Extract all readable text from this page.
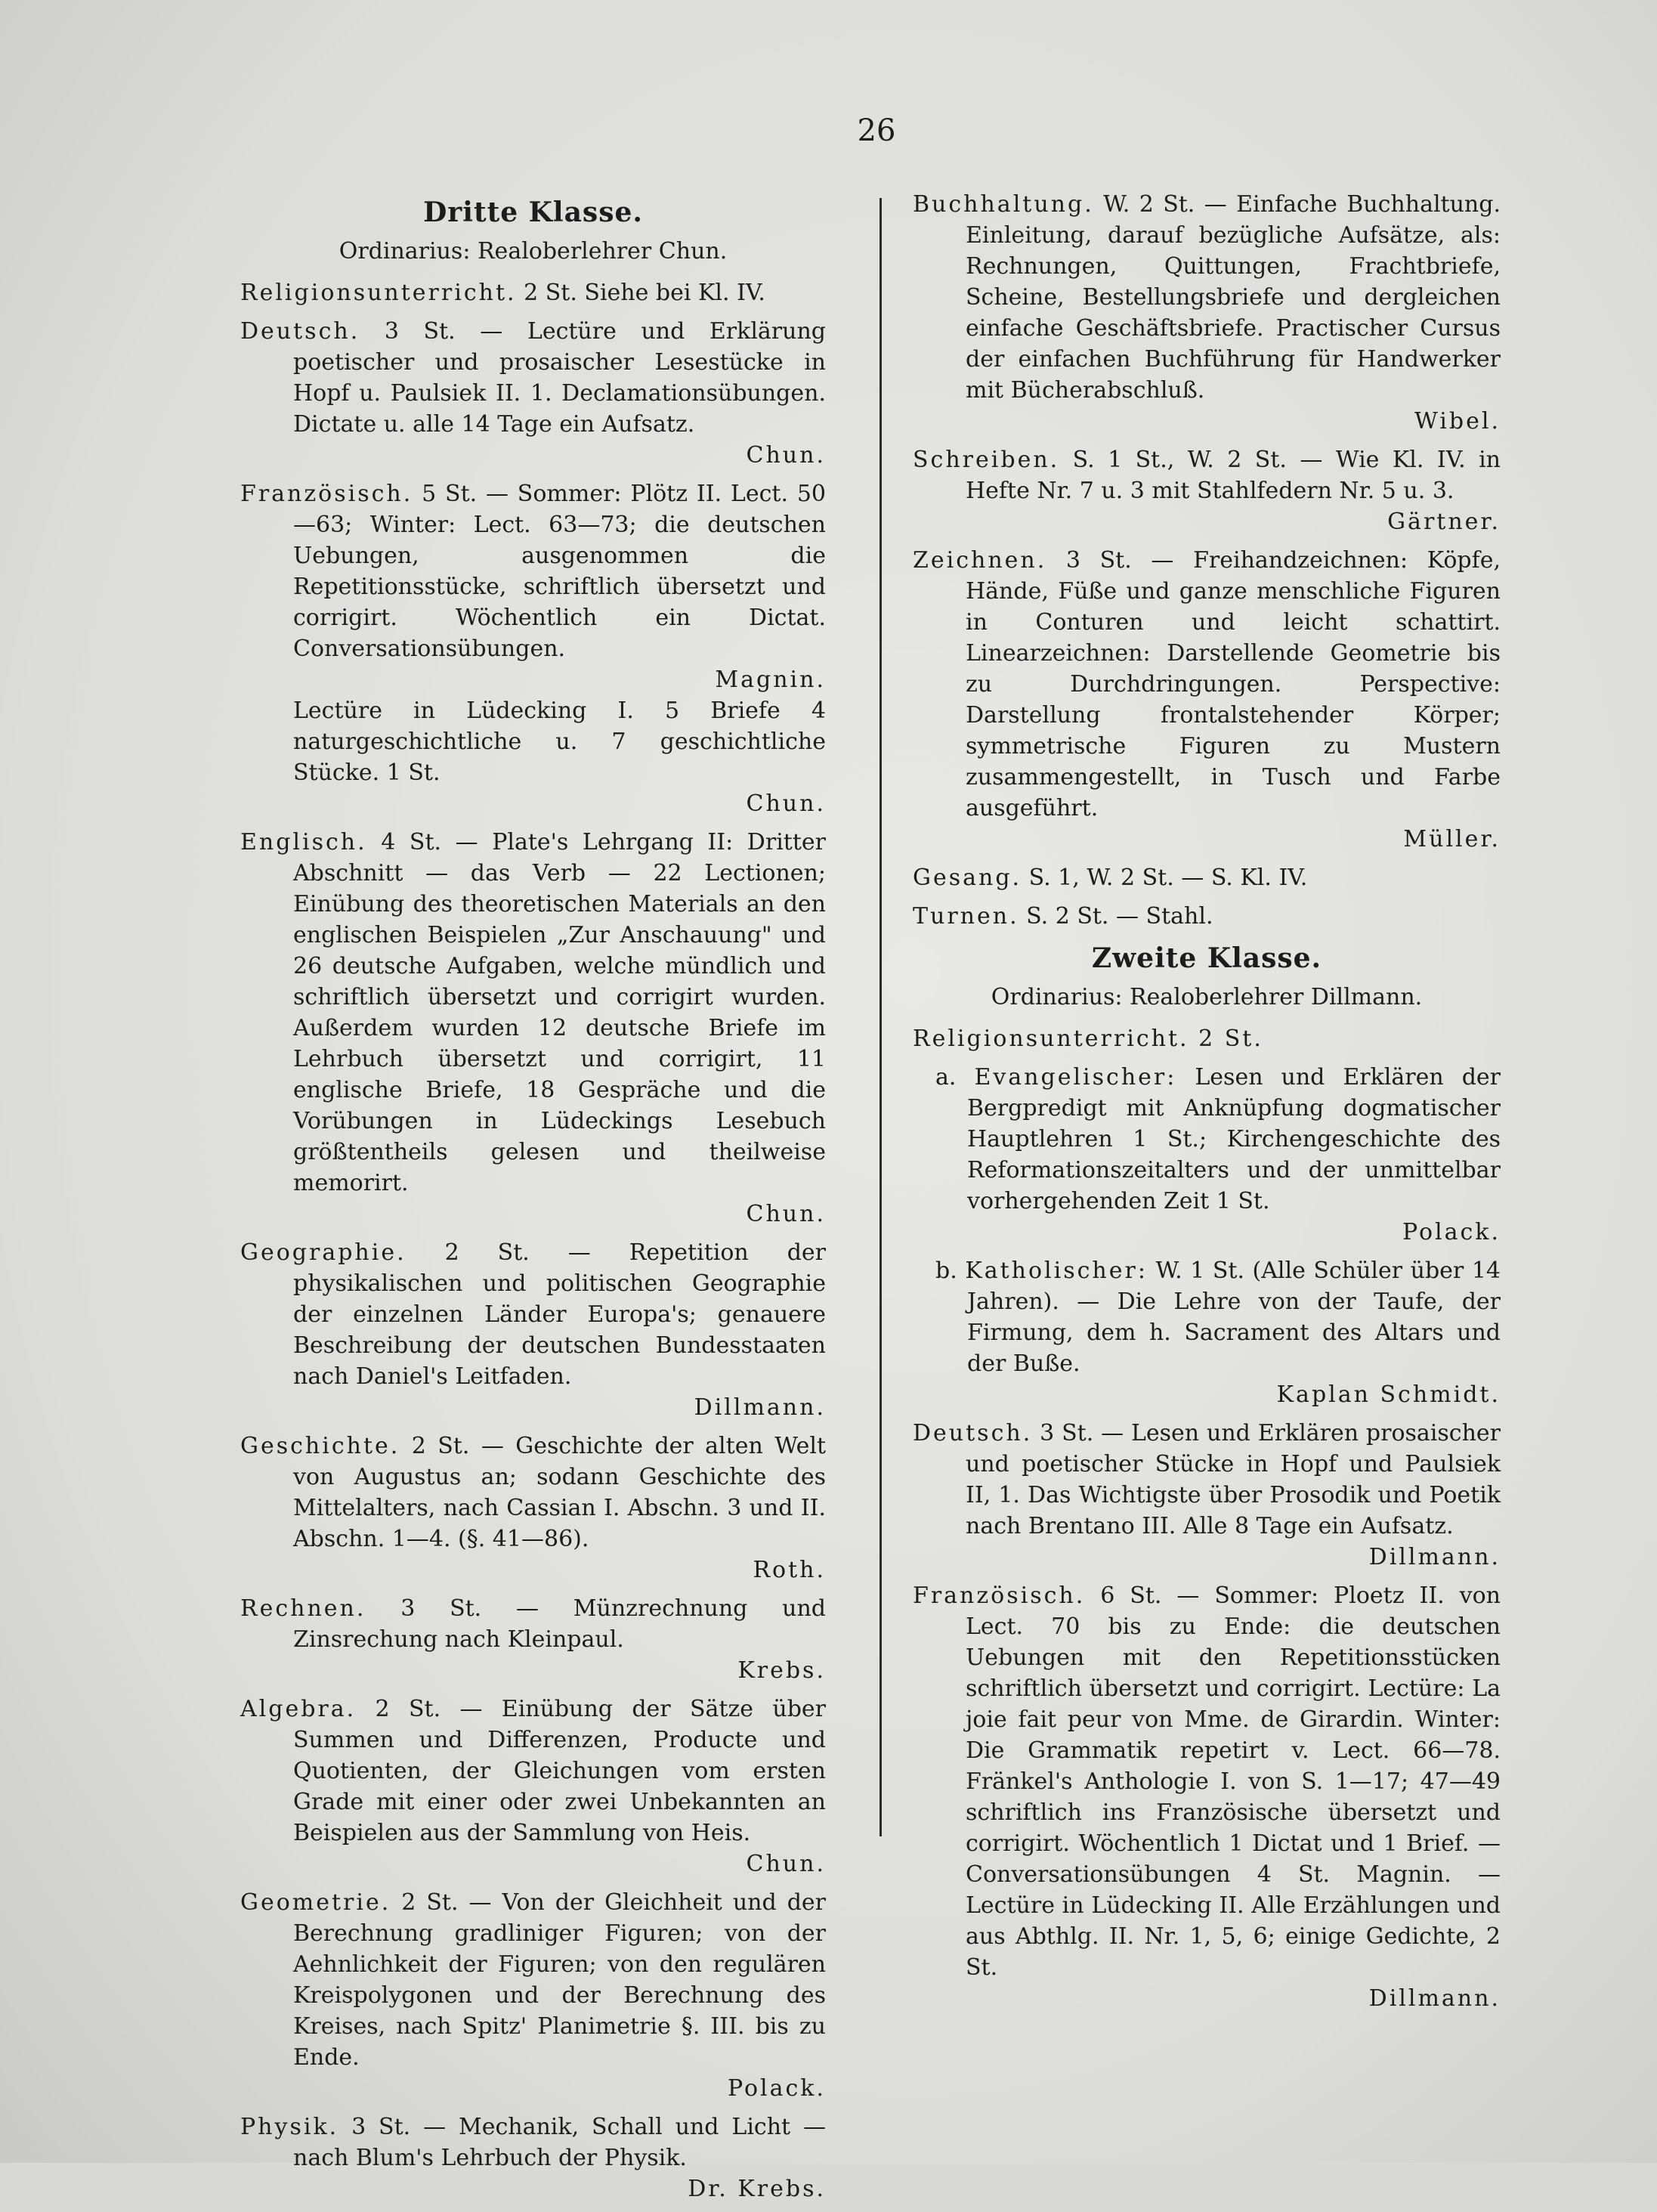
26
Dritte Klasse.
Ordinarius: Realoberlehrer Chun.
Religionsunterricht. 2 St. Siehe bei Kl. IV.
Deutsch. 3 St. — Lectüre und Erklärung poetischer und prosaischer Lesestücke in Hopf u. Paulsiek II. 1. Declamationsübungen. Dictate u. alle 14 Tage ein Aufsatz.
Chun.
Französisch. 5 St. — Sommer: Plötz II. Lect. 50—63; Winter: Lect. 63—73; die deutschen Uebungen, ausgenommen die Repetitionsstücke, schriftlich übersetzt und corrigirt. Wöchentlich ein Dictat. Conversationsübungen.
Magnin.
Lectüre in Lüdecking I. 5 Briefe 4 naturgeschichtliche u. 7 geschichtliche Stücke. 1 St.
Chun.
Englisch. 4 St. — Plate's Lehrgang II: Dritter Abschnitt — das Verb — 22 Lectionen; Einübung des theoretischen Materials an den englischen Beispielen „Zur Anschauung" und 26 deutsche Aufgaben, welche mündlich und schriftlich übersetzt und corrigirt wurden. Außerdem wurden 12 deutsche Briefe im Lehrbuch übersetzt und corrigirt, 11 englische Briefe, 18 Gespräche und die Vorübungen in Lüdeckings Lesebuch größtentheils gelesen und theilweise memorirt.
Chun.
Geographie. 2 St. — Repetition der physikalischen und politischen Geographie der einzelnen Länder Europa's; genauere Beschreibung der deutschen Bundesstaaten nach Daniel's Leitfaden.
Dillmann.
Geschichte. 2 St. — Geschichte der alten Welt von Augustus an; sodann Geschichte des Mittelalters, nach Cassian I. Abschn. 3 und II. Abschn. 1—4. (§. 41—86).
Roth.
Rechnen. 3 St. — Münzrechnung und Zinsrechung nach Kleinpaul.
Krebs.
Algebra. 2 St. — Einübung der Sätze über Summen und Differenzen, Producte und Quotienten, der Gleichungen vom ersten Grade mit einer oder zwei Unbekannten an Beispielen aus der Sammlung von Heis.
Chun.
Geometrie. 2 St. — Von der Gleichheit und der Berechnung gradliniger Figuren; von der Aehnlichkeit der Figuren; von den regulären Kreispolygonen und der Berechnung des Kreises, nach Spitz' Planimetrie §. III. bis zu Ende.
Polack.
Physik. 3 St. — Mechanik, Schall und Licht — nach Blum's Lehrbuch der Physik.
Dr. Krebs.
Buchhaltung. W. 2 St. — Einfache Buchhaltung. Einleitung, darauf bezügliche Aufsätze, als: Rechnungen, Quittungen, Frachtbriefe, Scheine, Bestellungsbriefe und dergleichen einfache Geschäftsbriefe. Practischer Cursus der einfachen Buchführung für Handwerker mit Bücherabschluß.
Wibel.
Schreiben. S. 1 St., W. 2 St. — Wie Kl. IV. in Hefte Nr. 7 u. 3 mit Stahlfedern Nr. 5 u. 3.
Gärtner.
Zeichnen. 3 St. — Freihandzeichnen: Köpfe, Hände, Füße und ganze menschliche Figuren in Conturen und leicht schattirt. Linearzeichnen: Darstellende Geometrie bis zu Durchdringungen. Perspective: Darstellung frontalstehender Körper; symmetrische Figuren zu Mustern zusammengestellt, in Tusch und Farbe ausgeführt.
Müller.
Gesang. S. 1, W. 2 St. — S. Kl. IV.
Turnen. S. 2 St. — Stahl.
Zweite Klasse.
Ordinarius: Realoberlehrer Dillmann.
Religionsunterricht. 2 St.
a. Evangelischer: Lesen und Erklären der Bergpredigt mit Anknüpfung dogmatischer Hauptlehren 1 St.; Kirchengeschichte des Reformationszeitalters und der unmittelbar vorhergehenden Zeit 1 St.
Polack.
b. Katholischer: W. 1 St. (Alle Schüler über 14 Jahren). — Die Lehre von der Taufe, der Firmung, dem h. Sacrament des Altars und der Buße.
Kaplan Schmidt.
Deutsch. 3 St. — Lesen und Erklären prosaischer und poetischer Stücke in Hopf und Paulsiek II, 1. Das Wichtigste über Prosodik und Poetik nach Brentano III. Alle 8 Tage ein Aufsatz.
Dillmann.
Französisch. 6 St. — Sommer: Ploetz II. von Lect. 70 bis zu Ende: die deutschen Uebungen mit den Repetitionsstücken schriftlich übersetzt und corrigirt. Lectüre: La joie fait peur von Mme. de Girardin. Winter: Die Grammatik repetirt v. Lect. 66—78. Fränkel's Anthologie I. von S. 1—17; 47—49 schriftlich ins Französische übersetzt und corrigirt. Wöchentlich 1 Dictat und 1 Brief. — Conversationsübungen 4 St. Magnin. — Lectüre in Lüdecking II. Alle Erzählungen und aus Abthlg. II. Nr. 1, 5, 6; einige Gedichte, 2 St.
Dillmann.
